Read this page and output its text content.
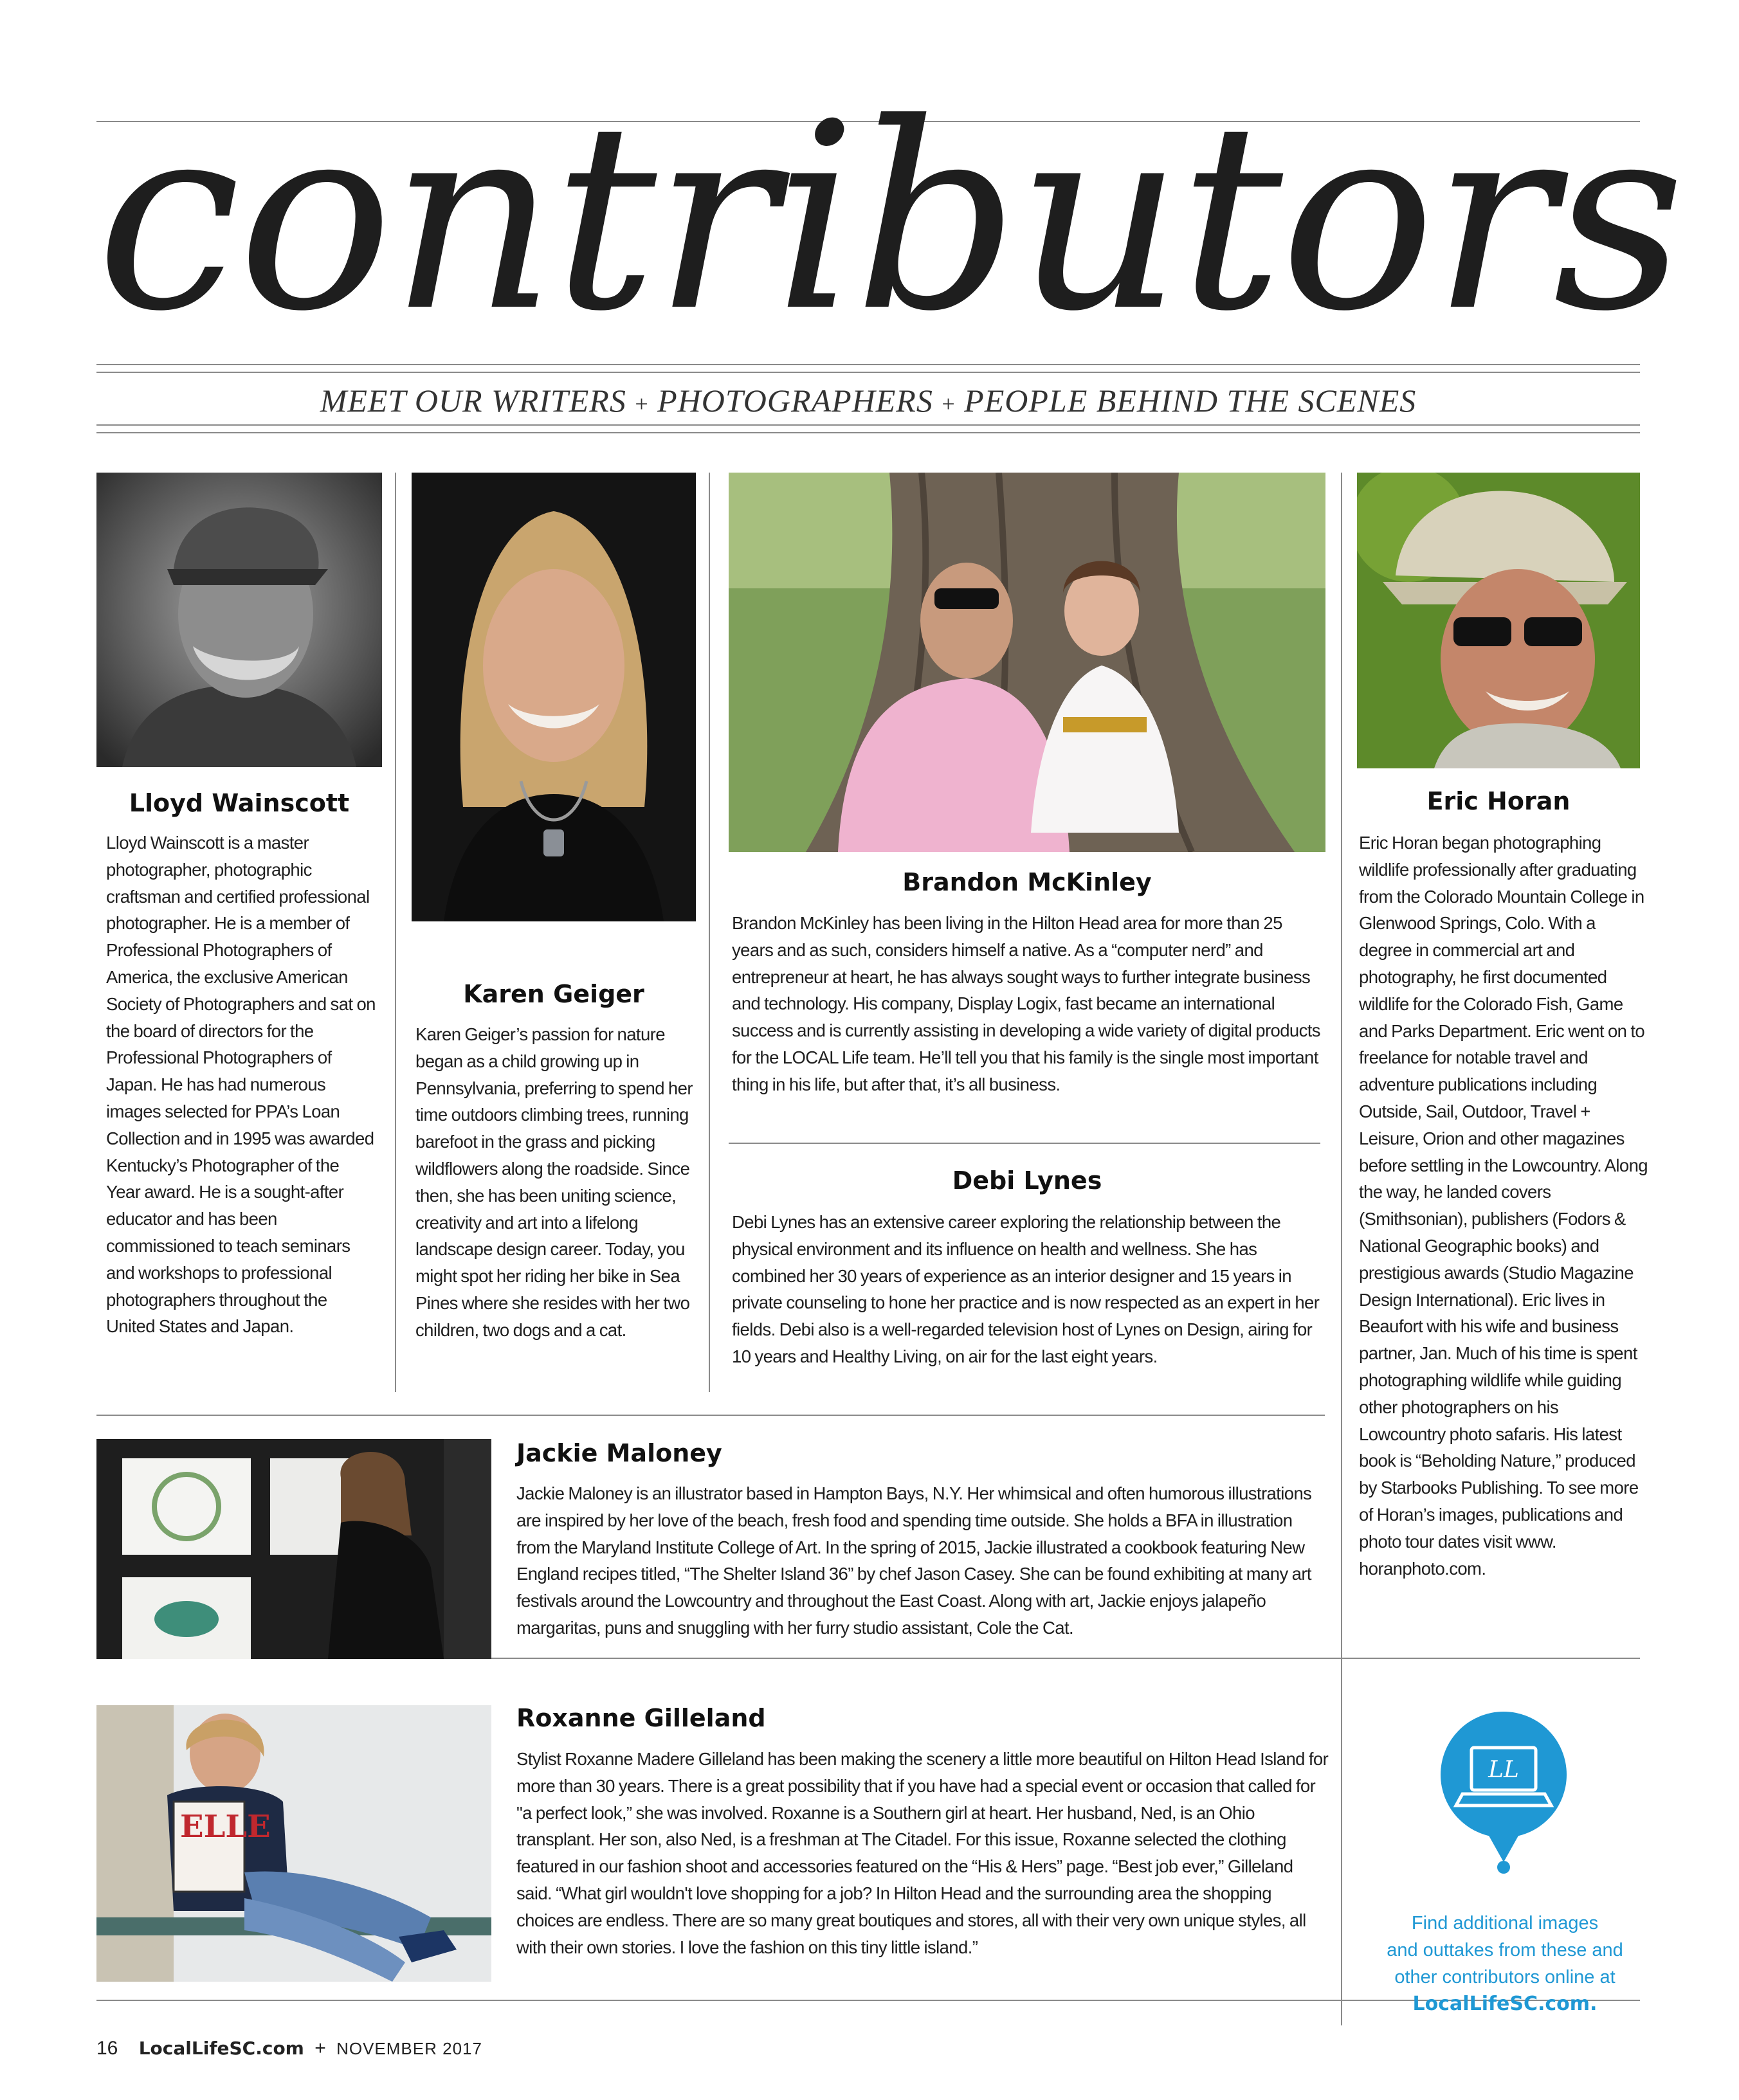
contributors
MEET OUR WRITERS + PHOTOGRAPHERS + PEOPLE BEHIND THE SCENES
Lloyd Wainscott
Lloyd Wainscott is a master photographer, photographic craftsman and certified professional photographer. He is a member of Professional Photographers of America, the exclusive American Society of Photographers and sat on the board of directors for the Professional Photographers of Japan. He has had numerous images selected for PPA’s Loan Collection and in 1995 was awarded Kentucky’s Photographer of the Year award. He is a sought-after educator and has been commissioned to teach seminars and workshops to professional photographers throughout the United States and Japan.
Karen Geiger
Karen Geiger’s passion for nature began as a child growing up in Pennsylvania, preferring to spend her time outdoors climbing trees, running barefoot in the grass and picking wildflowers along the roadside. Since then, she has been uniting science, creativity and art into a lifelong landscape design career. Today, you might spot her riding her bike in Sea Pines where she resides with her two children, two dogs and a cat.
Brandon McKinley
Brandon McKinley has been living in the Hilton Head area for more than 25 years and as such, considers himself a native. As a “computer nerd” and entrepreneur at heart, he has always sought ways to further integrate business and technology. His company, Display Logix, fast became an international success and is currently assisting in developing a wide variety of digital products for the LOCAL Life team. He’ll tell you that his family is the single most important thing in his life, but after that, it’s all business.
Debi Lynes
Debi Lynes has an extensive career exploring the relationship between the physical environment and its influence on health and wellness. She has combined her 30 years of experience as an interior designer and 15 years in private counseling to hone her practice and is now respected as an expert in her fields. Debi also is a well-regarded television host of Lynes on Design, airing for 10 years and Healthy Living, on air for the last eight years.
Eric Horan
Eric Horan began photographing wildlife professionally after graduating from the Colorado Mountain College in Glenwood Springs, Colo. With a degree in commercial art and photography, he first documented wildlife for the Colorado Fish, Game and Parks Department. Eric went on to freelance for notable travel and adventure publications including Outside, Sail, Outdoor, Travel + Leisure, Orion and other magazines before settling in the Lowcountry. Along the way, he landed covers (Smithsonian), publishers (Fodors & National Geographic books) and prestigious awards (Studio Magazine Design International). Eric lives in Beaufort with his wife and business partner, Jan. Much of his time is spent photographing wildlife while guiding other photographers on his Lowcountry photo safaris. His latest book is “Beholding Nature,” produced by Starbooks Publishing. To see more of Horan’s images, publications and photo tour dates visit www. horanphoto.com.
Jackie Maloney
Jackie Maloney is an illustrator based in Hampton Bays, N.Y. Her whimsical and often humorous illustrations are inspired by her love of the beach, fresh food and spending time outside. She holds a BFA in illustration from the Maryland Institute College of Art. In the spring of 2015, Jackie illustrated a cookbook featuring New England recipes titled, “The Shelter Island 36” by chef Jason Casey. She can be found exhibiting at many art festivals around the Lowcountry and throughout the East Coast. Along with art, Jackie enjoys jalapeño margaritas, puns and snuggling with her furry studio assistant, Cole the Cat.
ELLE
Roxanne Gilleland
Stylist Roxanne Madere Gilleland has been making the scenery a little more beautiful on Hilton Head Island for more than 30 years. There is a great possibility that if you have had a special event or occasion that called for "a perfect look,” she was involved. Roxanne is a Southern girl at heart. Her husband, Ned, is an Ohio transplant. Her son, also Ned, is a freshman at The Citadel. For this issue, Roxanne selected the clothing featured in our fashion shoot and accessories featured on the “His & Hers” page. “Best job ever,” Gilleland said. “What girl wouldn't love shopping for a job? In Hilton Head and the surrounding area the shopping choices are endless. There are so many great boutiques and stores, all with their very own unique styles, all with their own stories. I love the fashion on this tiny little island.”
LL
Find additional images
and outtakes from these and
other contributors online at
LocalLifeSC.com.
16 LocalLifeSC.com + NOVEMBER 2017
